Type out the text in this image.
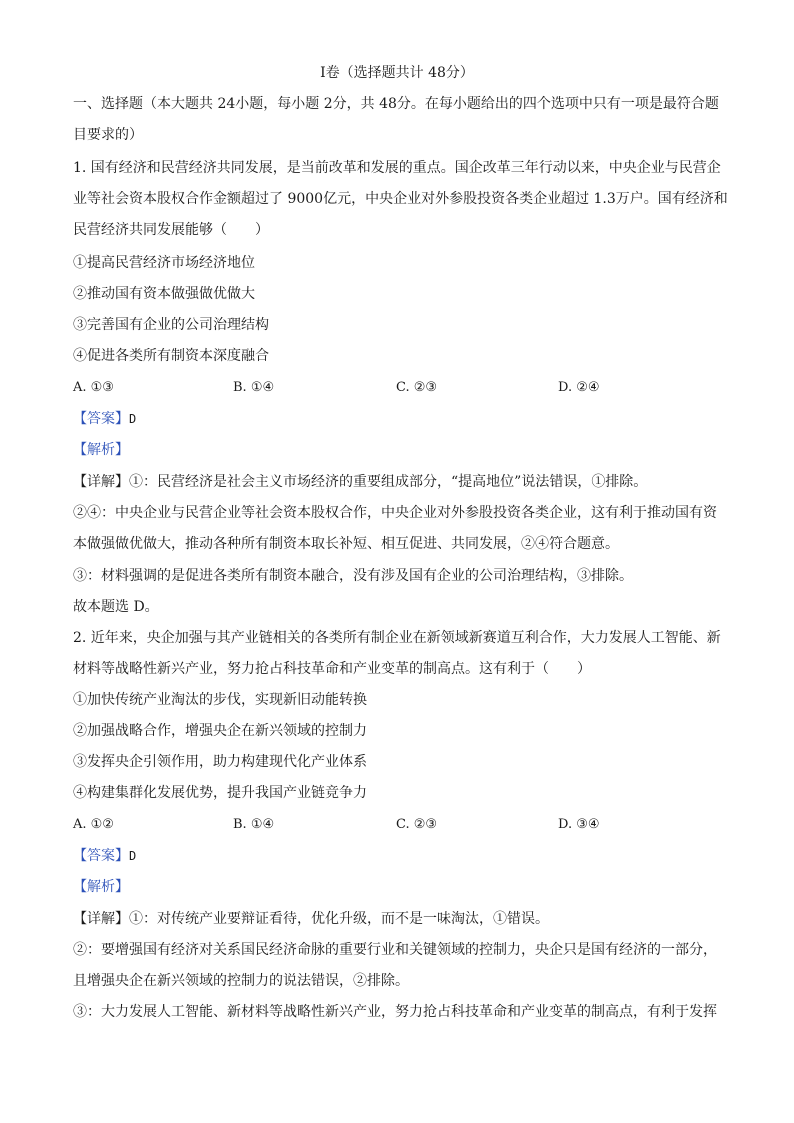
I卷（选择题共计 48分）
一、选择题（本大题共 24小题，每小题 2分，共 48分。在每小题给出的四个选项中只有一项是最符合题
目要求的）
1. 国有经济和民营经济共同发展，是当前改革和发展的重点。国企改革三年行动以来，中央企业与民营企
业等社会资本股权合作金额超过了 9000亿元，中央企业对外参股投资各类企业超过 1.3万户。国有经济和
民营经济共同发展能够（　　）
①提高民营经济市场经济地位
②推动国有资本做强做优做大
③完善国有企业的公司治理结构
④促进各类所有制资本深度融合
A. ①③	B. ①④	C. ②③	D. ②④
【答案】D
【解析】
【详解】①：民营经济是社会主义市场经济的重要组成部分，“提高地位”说法错误，①排除。
②④：中央企业与民营企业等社会资本股权合作，中央企业对外参股投资各类企业，这有利于推动国有资
本做强做优做大，推动各种所有制资本取长补短、相互促进、共同发展，②④符合题意。
③：材料强调的是促进各类所有制资本融合，没有涉及国有企业的公司治理结构，③排除。
故本题选 D。
2. 近年来，央企加强与其产业链相关的各类所有制企业在新领域新赛道互利合作，大力发展人工智能、新
材料等战略性新兴产业，努力抢占科技革命和产业变革的制高点。这有利于（　　）
①加快传统产业淘汰的步伐，实现新旧动能转换
②加强战略合作，增强央企在新兴领域的控制力
③发挥央企引领作用，助力构建现代化产业体系
④构建集群化发展优势，提升我国产业链竞争力
A. ①②	B. ①④	C. ②③	D. ③④
【答案】D
【解析】
【详解】①：对传统产业要辩证看待，优化升级，而不是一味淘汰，①错误。
②：要增强国有经济对关系国民经济命脉的重要行业和关键领域的控制力，央企只是国有经济的一部分，
且增强央企在新兴领域的控制力的说法错误，②排除。
③：大力发展人工智能、新材料等战略性新兴产业，努力抢占科技革命和产业变革的制高点，有利于发挥
